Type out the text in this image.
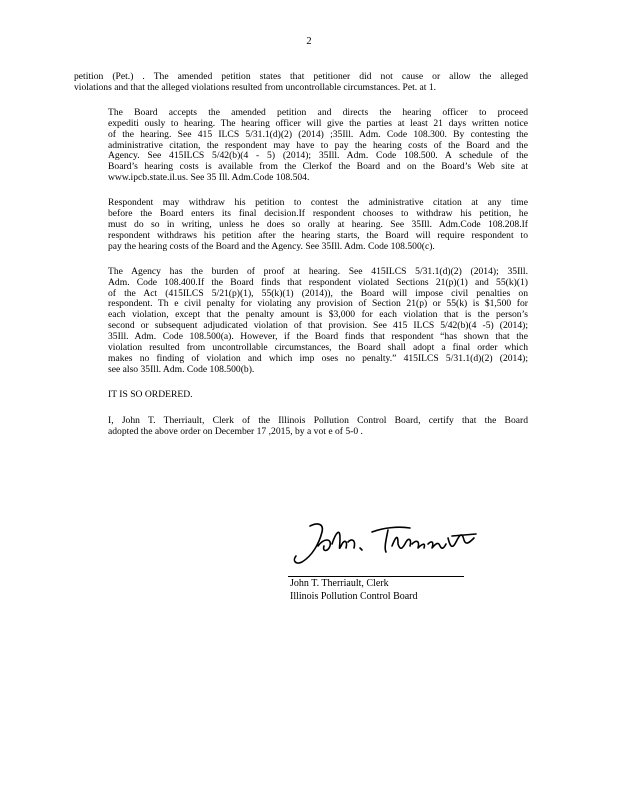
2
petition (Pet.) . The amended petition states that petitioner did not cause or allow the alleged
violations and that the alleged violations resulted from uncontrollable circumstances. Pet. at 1.
The Board accepts the amended petition and directs the hearing officer to proceed
expediti ously to hearing. The hearing officer will give the parties at least 21 days written notice
of the hearing. See 415 ILCS 5/31.1(d)(2) (2014) ;35Ill. Adm. Code 108.300. By contesting the
administrative citation, the respondent may have to pay the hearing costs of the Board and the
Agency. See 415ILCS 5/42(b)(4 - 5) (2014); 35Ill. Adm. Code 108.500. A schedule of the
Board’s hearing costs is available from the Clerkof the Board and on the Board’s Web site at
www.ipcb.state.il.us. See 35 Ill. Adm.Code 108.504.
Respondent may withdraw his petition to contest the administrative citation at any time
before the Board enters its final decision.If respondent chooses to withdraw his petition, he
must do so in writing, unless he does so orally at hearing. See 35Ill. Adm.Code 108.208.If
respondent withdraws his petition after the hearing starts, the Board will require respondent to
pay the hearing costs of the Board and the Agency. See 35Ill. Adm. Code 108.500(c).
The Agency has the burden of proof at hearing. See 415ILCS 5/31.1(d)(2) (2014); 35Ill.
Adm. Code 108.400.If the Board finds that respondent violated Sections 21(p)(1) and 55(k)(1)
of the Act (415ILCS 5/21(p)(1), 55(k)(1) (2014)), the Board will impose civil penalties on
respondent. Th e civil penalty for violating any provision of Section 21(p) or 55(k) is $1,500 for
each violation, except that the penalty amount is $3,000 for each violation that is the person’s
second or subsequent adjudicated violation of that provision. See 415 ILCS 5/42(b)(4 -5) (2014);
35Ill. Adm. Code 108.500(a). However, if the Board finds that respondent “has shown that the
violation resulted from uncontrollable circumstances, the Board shall adopt a final order which
makes no finding of violation and which imp oses no penalty.” 415ILCS 5/31.1(d)(2) (2014);
see also 35Ill. Adm. Code 108.500(b).
IT IS SO ORDERED.
I, John T. Therriault, Clerk of the Illinois Pollution Control Board, certify that the Board
adopted the above order on December 17 ,2015, by a vot e of 5-0 .
John T. Therriault
John T. Therriault, Clerk
Illinois Pollution Control Board
